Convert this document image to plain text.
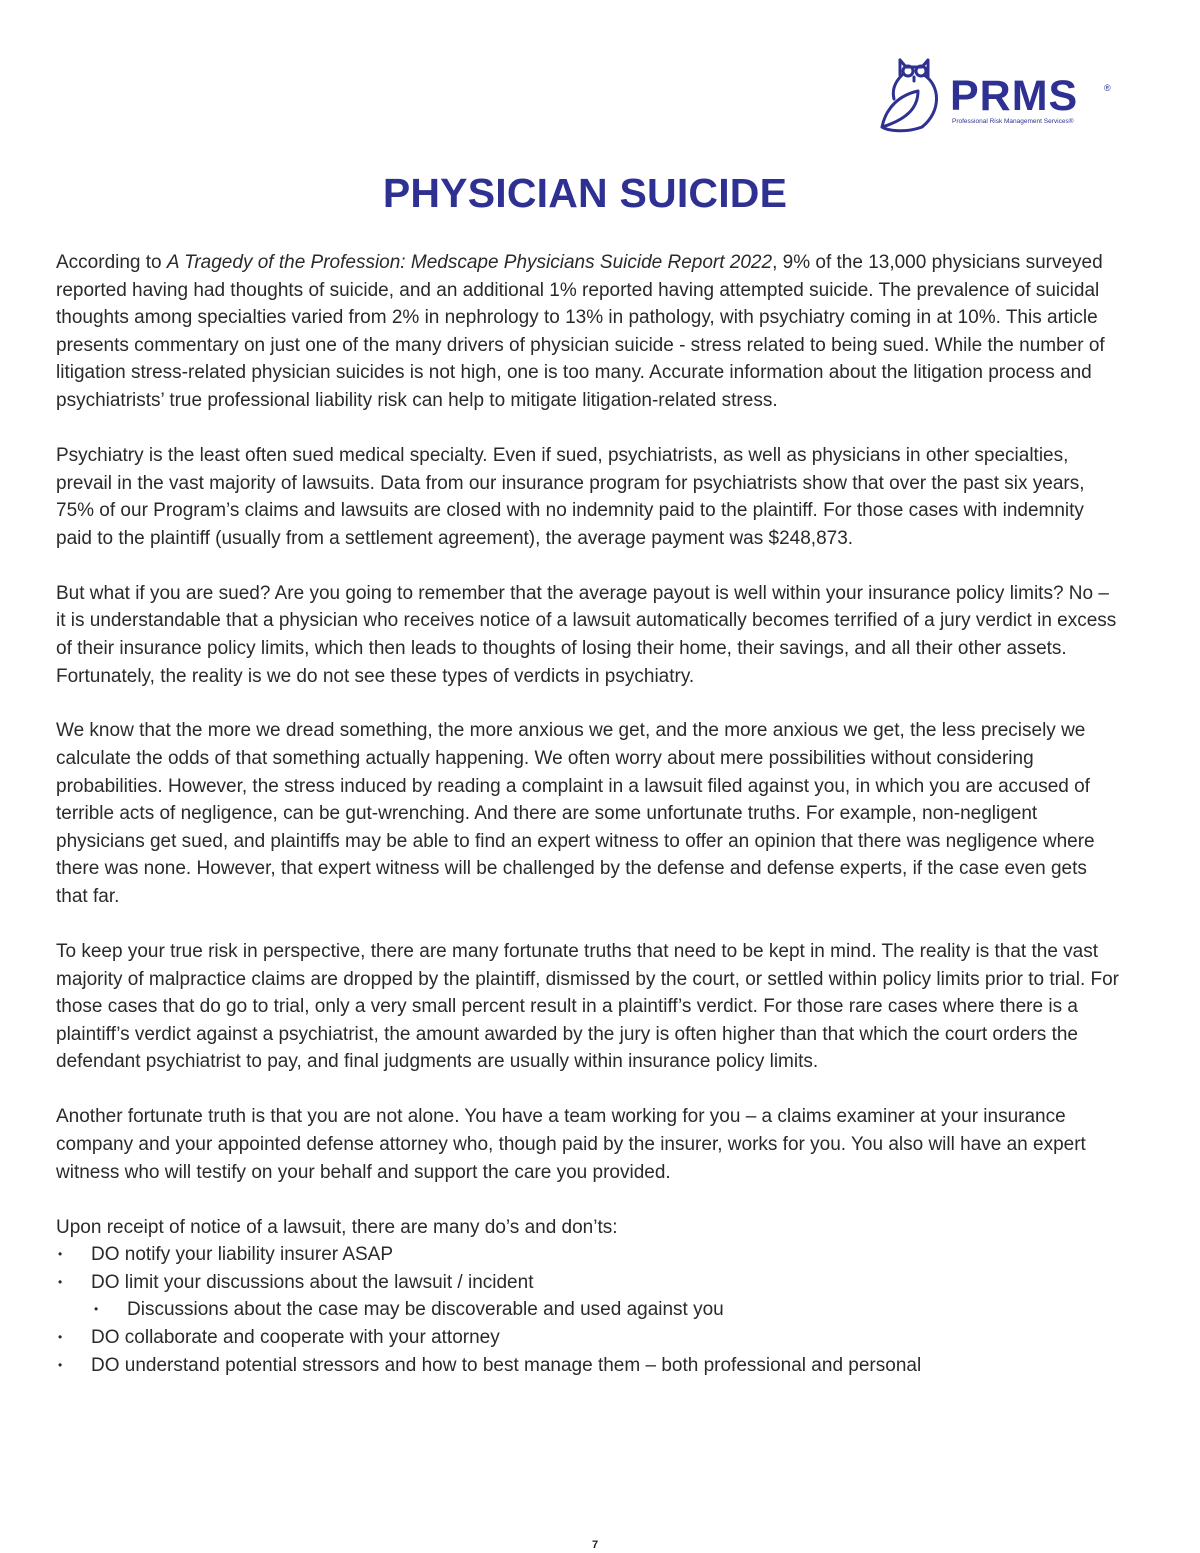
PRMS	®
Professional Risk Management Services®
PHYSICIAN SUICIDE

According to A Tragedy of the Profession: Medscape Physicians Suicide Report 2022, 9% of the 13,000 physicians surveyed reported having had thoughts of suicide, and an additional 1% reported having attempted suicide. The prevalence of suicidal thoughts among specialties varied from 2% in nephrology to 13% in pathology, with psychiatry coming in at 10%. This article presents commentary on just one of the many drivers of physician suicide - stress related to being sued. While the number of litigation stress-related physician suicides is not high, one is too many. Accurate information about the litigation process and psychiatrists’ true professional liability risk can help to mitigate litigation-related stress.

Psychiatry is the least often sued medical specialty. Even if sued, psychiatrists, as well as physicians in other specialties, prevail in the vast majority of lawsuits. Data from our insurance program for psychiatrists show that over the past six years, 75% of our Program’s claims and lawsuits are closed with no indemnity paid to the plaintiff. For those cases with indemnity paid to the plaintiff (usually from a settlement agreement), the average payment was $248,873.

But what if you are sued? Are you going to remember that the average payout is well within your insurance policy limits? No – it is understandable that a physician who receives notice of a lawsuit automatically becomes terrified of a jury verdict in excess of their insurance policy limits, which then leads to thoughts of losing their home, their savings, and all their other assets. Fortunately, the reality is we do not see these types of verdicts in psychiatry.

We know that the more we dread something, the more anxious we get, and the more anxious we get, the less precisely we calculate the odds of that something actually happening. We often worry about mere possibilities without considering probabilities. However, the stress induced by reading a complaint in a lawsuit filed against you, in which you are accused of terrible acts of negligence, can be gut-wrenching. And there are some unfortunate truths. For example, non-negligent physicians get sued, and plaintiffs may be able to find an expert witness to offer an opinion that there was negligence where there was none. However, that expert witness will be challenged by the defense and defense experts, if the case even gets that far.

To keep your true risk in perspective, there are many fortunate truths that need to be kept in mind. The reality is that the vast majority of malpractice claims are dropped by the plaintiff, dismissed by the court, or settled within policy limits prior to trial. For those cases that do go to trial, only a very small percent result in a plaintiff’s verdict. For those rare cases where there is a plaintiff’s verdict against a psychiatrist, the amount awarded by the jury is often higher than that which the court orders the defendant psychiatrist to pay, and final judgments are usually within insurance policy limits.

Another fortunate truth is that you are not alone. You have a team working for you – a claims examiner at your insurance company and your appointed defense attorney who, though paid by the insurer, works for you. You also will have an expert witness who will testify on your behalf and support the care you provided.

Upon receipt of notice of a lawsuit, there are many do’s and don’ts:

• DO notify your liability insurer ASAP
• DO limit your discussions about the lawsuit / incident
• Discussions about the case may be discoverable and used against you
• DO collaborate and cooperate with your attorney
• DO understand potential stressors and how to best manage them – both professional and personal
7
